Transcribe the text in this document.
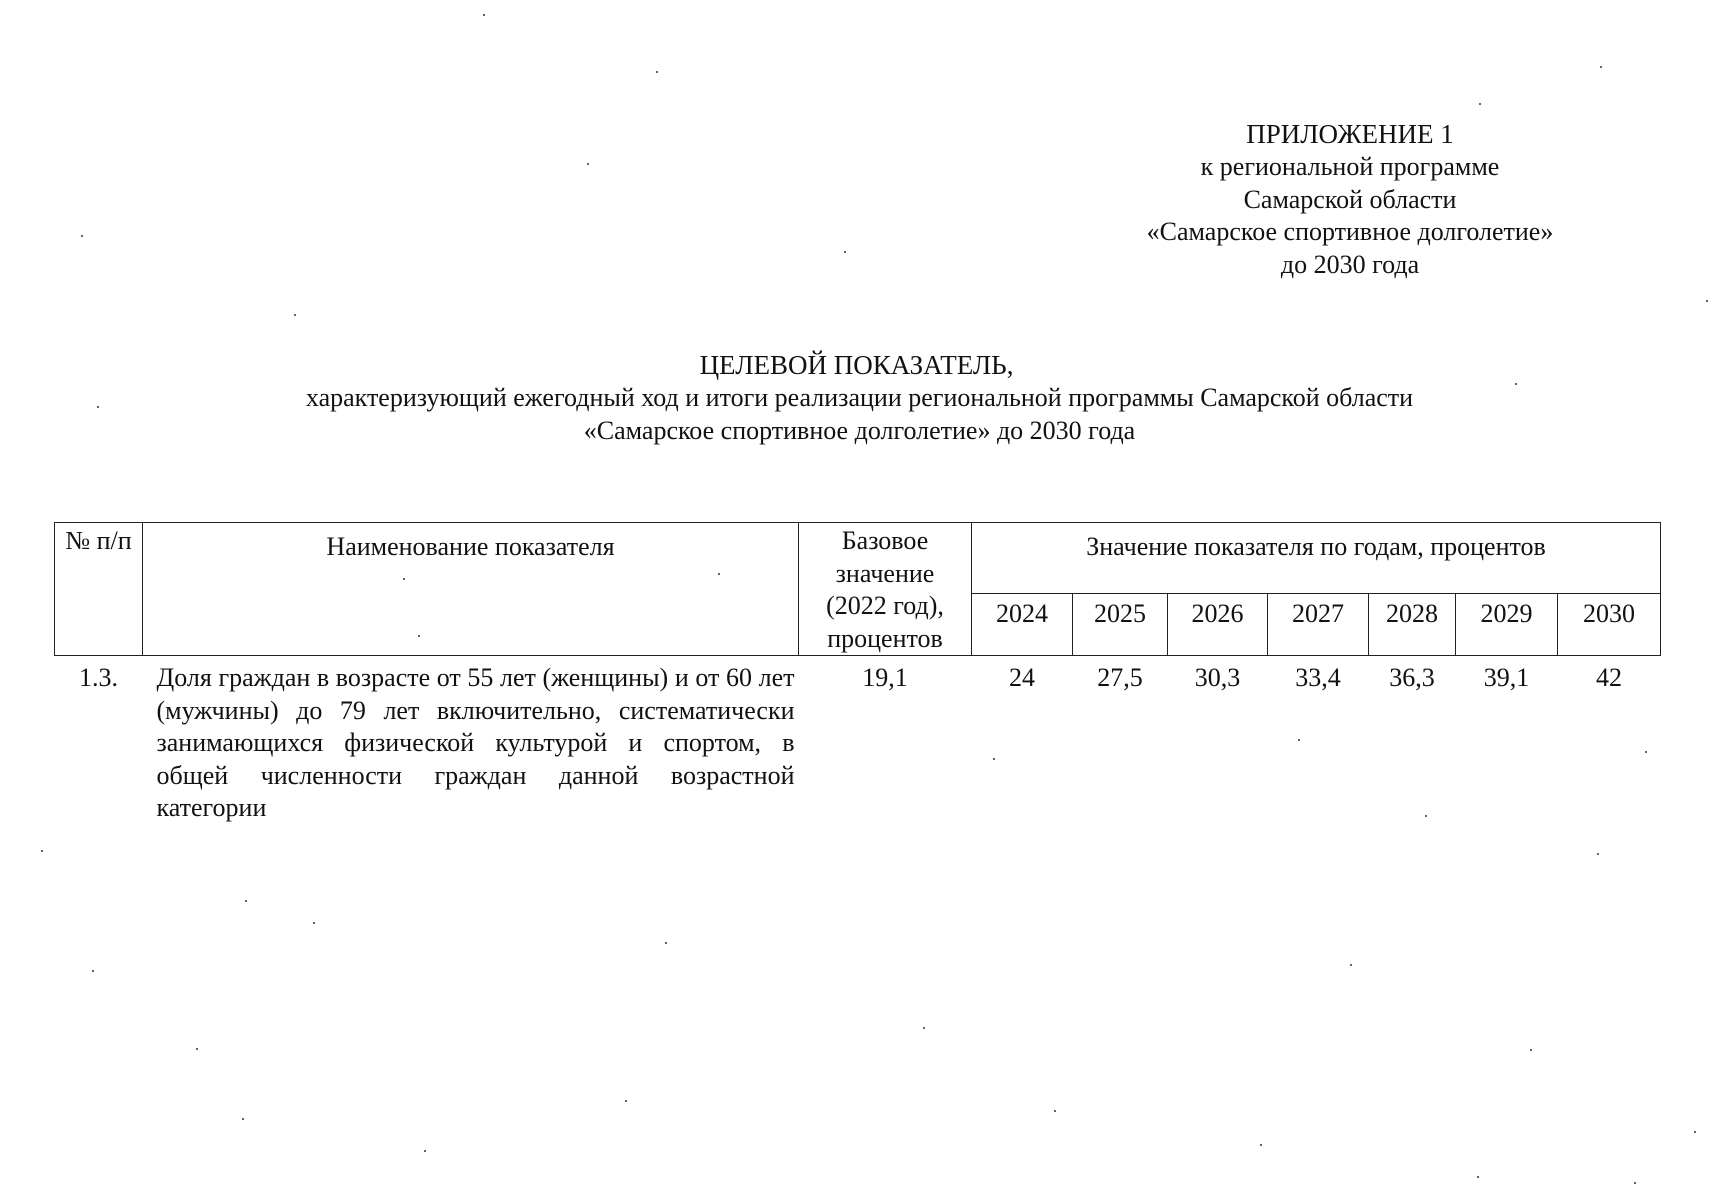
ПРИЛОЖЕНИЕ 1
к региональной программе
Самарской области
«Самарское спортивное долголетие»
до 2030 года
ЦЕЛЕВОЙ ПОКАЗАТЕЛЬ,
характеризующий ежегодный ход и итоги реализации региональной программы Самарской области
«Самарское спортивное долголетие» до 2030 года
№ п/п	Наименование показателя	Базовое значение (2022 год), процентов	Значение показателя по годам, процентов						
			2024	2025	2026	2027	2028	2029	2030
1.3.	Доля граждан в возрасте от 55 лет (женщины) и от 60 лет (мужчины) до 79 лет включительно, систематически занимающихся физической культурой и спортом, в общей численности граждан данной возрастной категории	19,1	24	27,5	30,3	33,4	36,3	39,1	42
